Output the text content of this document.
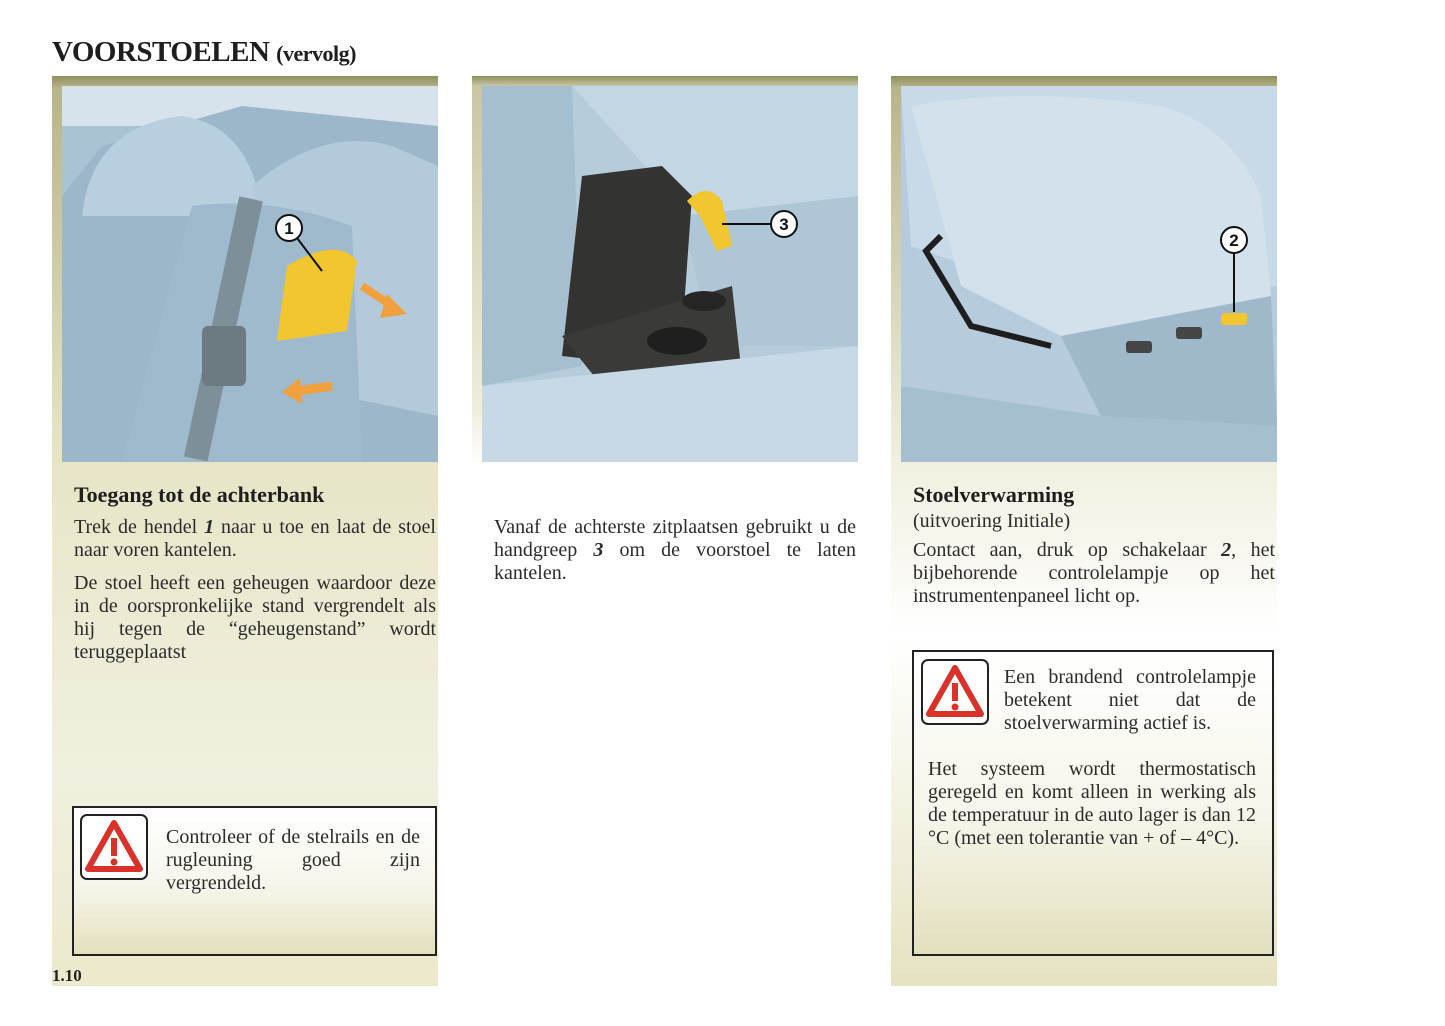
VOORSTOELEN (vervolg)
1
Toegang tot de achterbank

Trek de hendel 1 naar u toe en laat de stoel naar voren kantelen.

De stoel heeft een geheugen waardoor deze in de oorspronkelijke stand vergrendelt als hij tegen de “geheugenstand” wordt teruggeplaatst

Controleer of de stelrails en de rugleuning goed zijn vergrendeld.

3

Vanaf de achterste zitplaatsen gebruikt u de handgreep 3 om de voorstoel te laten kantelen.

2
Stoelverwarming

(uitvoering Initiale)

Contact aan, druk op schakelaar 2, het bijbehorende controlelampje op het instrumentenpaneel licht op.

Een brandend controlelampje betekent niet dat de stoelverwarming actief is.

Het systeem wordt thermostatisch geregeld en komt alleen in werking als de temperatuur in de auto lager is dan 12 °C (met een tolerantie van + of – 4°C).

1.10
